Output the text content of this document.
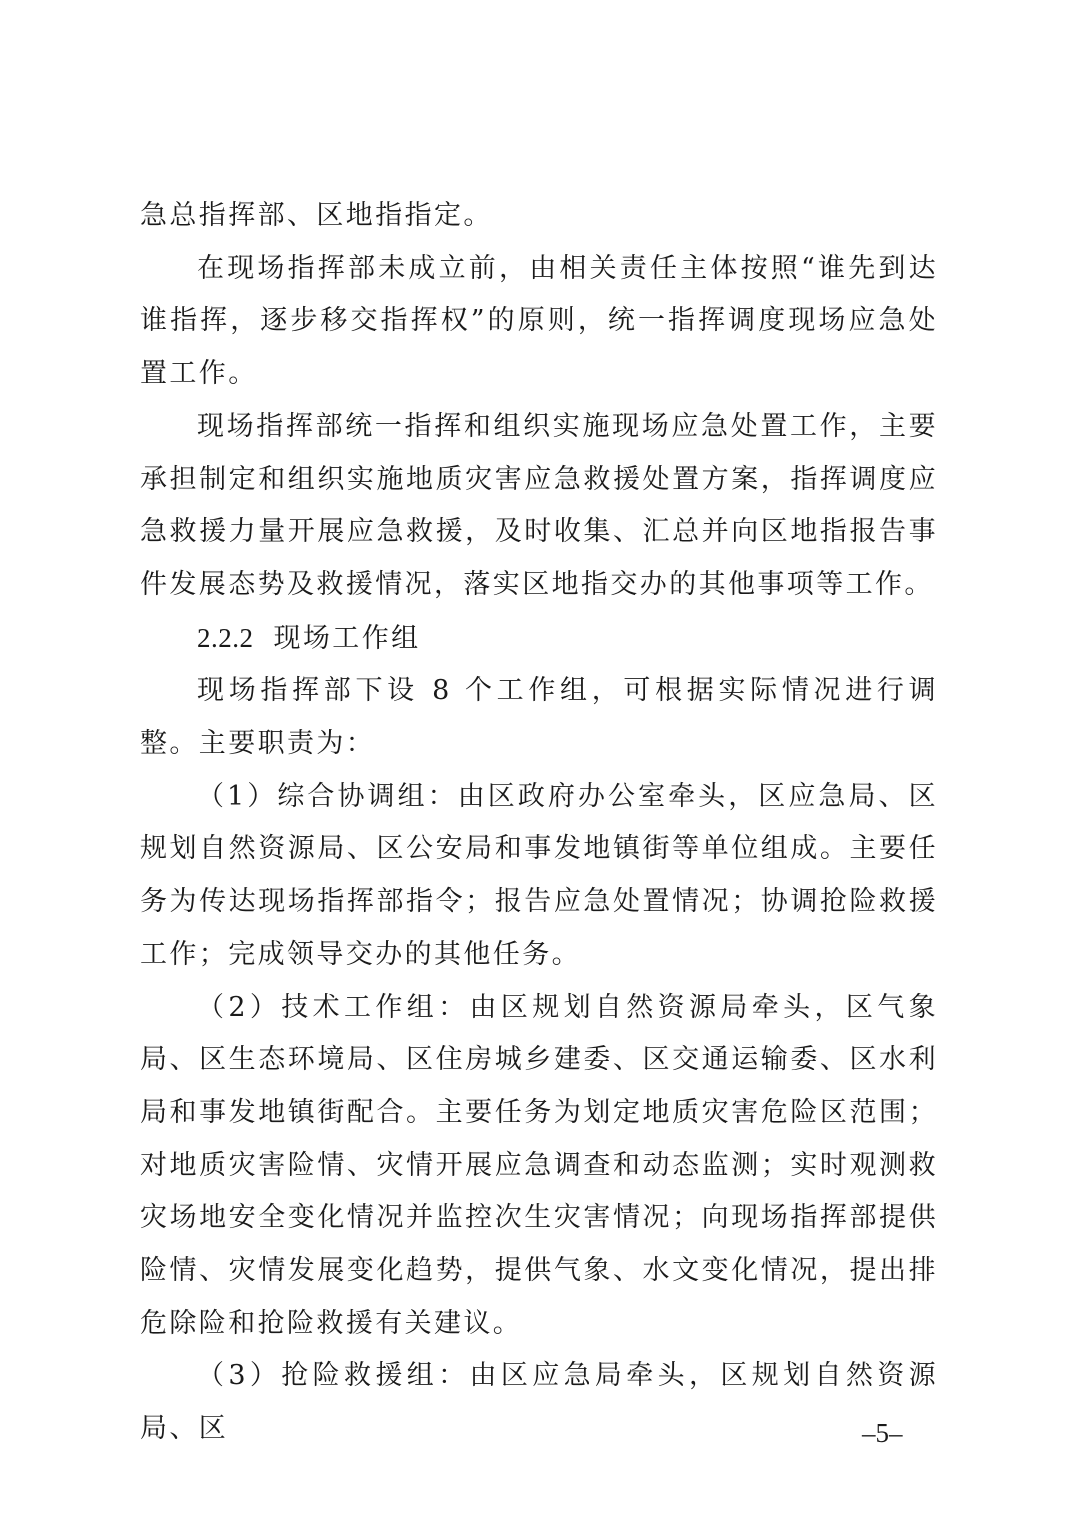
急总指挥部、区地指指定。

在现场指挥部未成立前，由相关责任主体按照“谁先到达谁指挥，逐步移交指挥权”的原则，统一指挥调度现场应急处置工作。

现场指挥部统一指挥和组织实施现场应急处置工作，主要承担制定和组织实施地质灾害应急救援处置方案，指挥调度应急救援力量开展应急救援，及时收集、汇总并向区地指报告事件发展态势及救援情况，落实区地指交办的其他事项等工作。

2.2.2 现场工作组

现场指挥部下设 8 个工作组，可根据实际情况进行调整。主要职责为：

（1）综合协调组：由区政府办公室牵头，区应急局、区规划自然资源局、区公安局和事发地镇街等单位组成。主要任务为传达现场指挥部指令；报告应急处置情况；协调抢险救援工作；完成领导交办的其他任务。

（2）技术工作组：由区规划自然资源局牵头，区气象局、区生态环境局、区住房城乡建委、区交通运输委、区水利局和事发地镇街配合。主要任务为划定地质灾害危险区范围；对地质灾害险情、灾情开展应急调查和动态监测；实时观测救灾场地安全变化情况并监控次生灾害情况；向现场指挥部提供险情、灾情发展变化趋势，提供气象、水文变化情况，提出排危除险和抢险救援有关建议。

（3）抢险救援组：由区应急局牵头，区规划自然资源局、区	–5–
